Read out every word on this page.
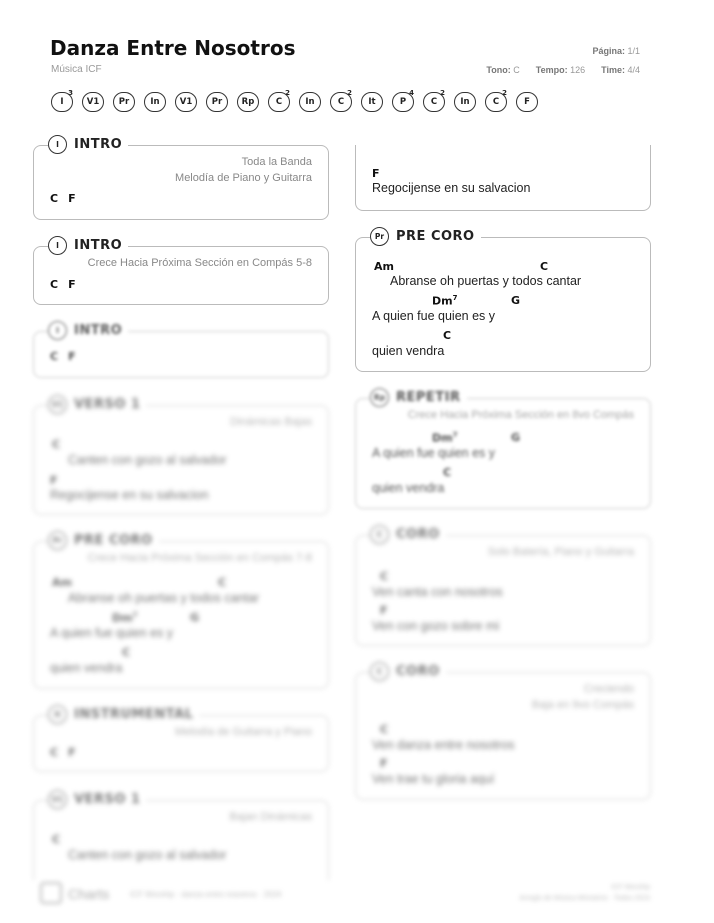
Danza Entre Nosotros
Música ICF
Página: 1/1
Tono: C Tempo: 126 Time: 4/4
I
3
V1 Pr In V1 Pr Rp	C
2
In	C
2
It	P
4
C
2
In	C
2
F
I	INTRO
Toda la Banda
Melodía de Piano y Guitarra
C F
I	INTRO
Crece Hacia Próxima Sección en Compás 5-8
C F
I	INTRO
C F
V1 VERSO 1
Dinámicas Bajas
C
Canten con gozo al salvador
F
Regocijense en su salvacion
Pr PRE CORO
Crece Hacia Próxima Sección en Compás 7-8
Am	C
Abranse oh puertas y todos cantar
Dm$^7$	G
A quien fue quien es y
C
quien vendra
It	INSTRUMENTAL
Melodía de Guitarra y Piano
C F
V1 VERSO 1
Bajan Dinámicas
C
Canten con gozo al salvador
F
Regocijense en su salvacion
Pr PRE CORO
Am	C
Abranse oh puertas y todos cantar
Dm$^7$	G
A quien fue quien es y
C
quien vendra
Rp REPETIR
Crece Hacia Próxima Sección en 8vo Compás
Dm$^7$	G
A quien fue quien es y
C
quien vendra
C	CORO
Solo Batería, Piano y Guitarra
C
Ven canta con nosotros
F
Ven con gozo sobre mi
C	CORO
Creciendo
Baja en 9vo Compás
C
Ven danza entre nosotros
F
Ven trae tu gloria aquí
Charts	ICF Worship · danza entre nosotros · 2024
ICF Worship
Arreglo de Música Ministerio · Todos 2024
